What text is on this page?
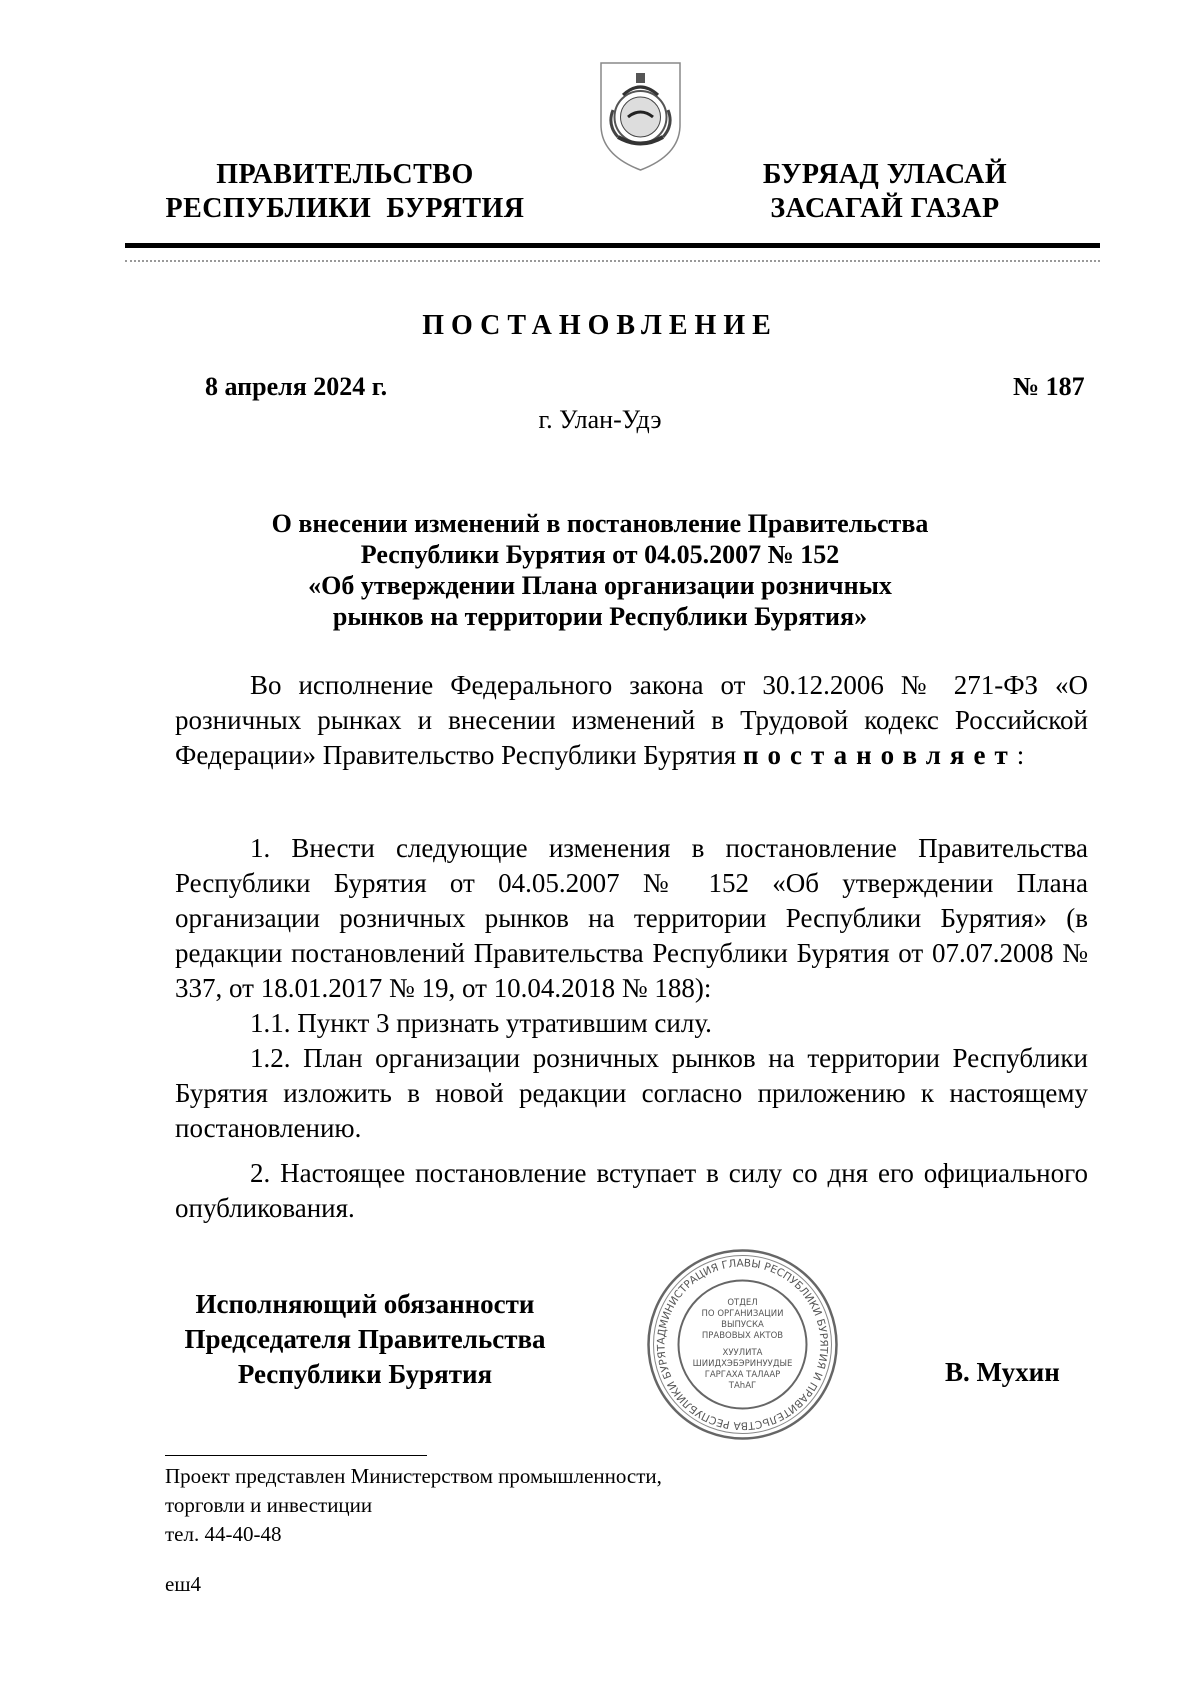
ПРАВИТЕЛЬСТВО
РЕСПУБЛИКИ  БУРЯТИЯ
БУРЯАД УЛАСАЙ
ЗАСАГАЙ ГАЗАР
ПОСТАНОВЛЕНИЕ
8 апреля 2024 г.	№ 187
г. Улан-Удэ
О внесении изменений в постановление Правительства
Республики Бурятия от 04.05.2007 № 152
«Об утверждении Плана организации розничных
рынков на территории Республики Бурятия»

Во исполнение Федерального закона от 30.12.2006 № 271-ФЗ «О розничных рынках и внесении изменений в Трудовой кодекс Российской Федерации» Правительство Республики Бурятия постановляет:

1. Внести следующие изменения в постановление Правительства Республики Бурятия от 04.05.2007 № 152 «Об утверждении Плана организации розничных рынков на территории Республики Бурятия» (в редакции постановлений Правительства Республики Бурятия от 07.07.2008 № 337, от 18.01.2017 № 19, от 10.04.2018 № 188):

1.1. Пункт 3 признать утратившим силу.

1.2. План организации розничных рынков на территории Республики Бурятия изложить в новой редакции согласно приложению к настоящему постановлению.

2. Настоящее постановление вступает в силу со дня его официального опубликования.

Исполняющий обязанности
Председателя Правительства
Республики Бурятия	В. Мухин
АДМИНИСТРАЦИЯ ГЛАВЫ РЕСПУБЛИКИ БУРЯТИЯ И ПРАВИТЕЛЬСТВА РЕСПУБЛИКИ БУРЯТ
ОТДЕЛ
ПО ОРГАНИЗАЦИИ
ВЫПУСКА
ПРАВОВЫХ АКТОВ
ХУУЛИТА
ШИИДХЭБЭРИНУУДЫЕ
ГАРГАХА ТАЛААР
ТАhАГ
Проект представлен Министерством промышленности,
торговли и инвестиции
тел. 44-40-48
еш4
